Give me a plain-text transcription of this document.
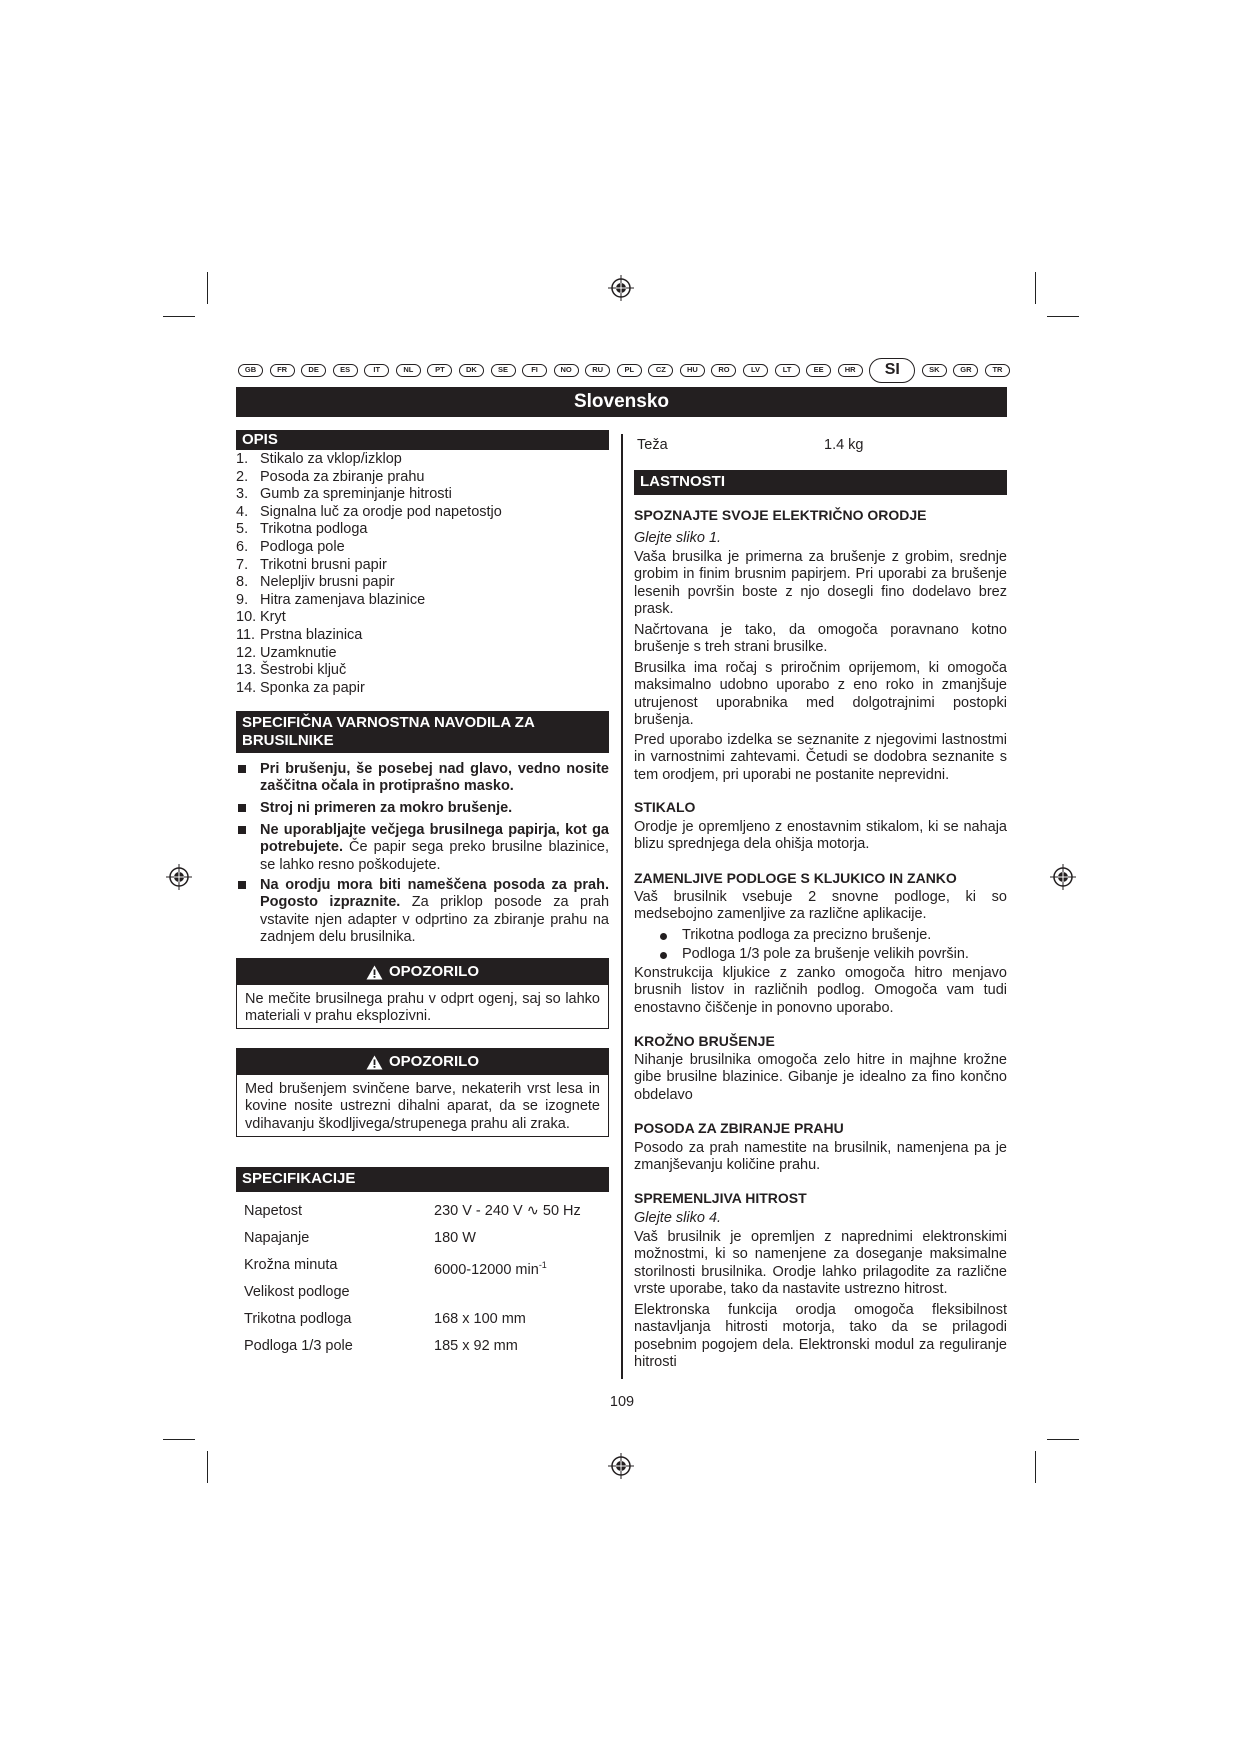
GB	FR	DE	ES	IT	NL	PT	DK	SE	FI	NO	RU	PL	CZ	HU	RO	LV	LT	EE	HR	SI	SK	GR	TR
Slovensko
OPIS
1. Stikalo za vklop/izklop
2. Posoda za zbiranje prahu
3. Gumb za spreminjanje hitrosti
4. Signalna luč za orodje pod napetostjo
5. Trikotna podloga
6. Podloga pole
7. Trikotni brusni papir
8. Nelepljiv brusni papir
9. Hitra zamenjava blazinice
10. Kryt
11. Prstna blazinica
12. Uzamknutie
13. Šestrobi ključ
14. Sponka za papir
SPECIFIČNA VARNOSTNA NAVODILA ZA BRUSILNIKE
Pri brušenju, še posebej nad glavo, vedno nosite zaščitna očala in protiprašno masko.
Stroj ni primeren za mokro brušenje.
Ne uporabljajte večjega brusilnega papirja, kot ga potrebujete. Če papir sega preko brusilne blazinice, se lahko resno poškodujete.
Na orodju mora biti nameščena posoda za prah. Pogosto izpraznite. Za priklop posode za prah vstavite njen adapter v odprtino za zbiranje prahu na zadnjem delu brusilnika.
OPOZORILO
Ne mečite brusilnega prahu v odprt ogenj, saj so lahko materiali v prahu eksplozivni.
OPOZORILO
Med brušenjem svinčene barve, nekaterih vrst lesa in kovine nosite ustrezni dihalni aparat, da se izognete vdihavanju škodljivega/strupenega prahu ali zraka.
SPECIFIKACIJE
Napetost	230 V - 240 V ∿ 50 Hz
Napajanje	180 W
Krožna minuta	6000-12000 $\min^{-1}$
Velikost podloge
Trikotna podloga	168 x 100 mm
Podloga 1/3 pole	185 x 92 mm
Teža	1.4 kg
LASTNOSTI
SPOZNAJTE SVOJE ELEKTRIČNO ORODJE

Glejte sliko 1.

Vaša brusilka je primerna za brušenje z grobim, srednje grobim in finim brusnim papirjem. Pri uporabi za brušenje lesenih površin boste z njo dosegli fino dodelavo brez prask.

Načrtovana je tako, da omogoča poravnano kotno brušenje s treh strani brusilke.

Brusilka ima ročaj s priročnim oprijemom, ki omogoča maksimalno udobno uporabo z eno roko in zmanjšuje utrujenost uporabnika med dolgotrajnimi postopki brušenja.

Pred uporabo izdelka se seznanite z njegovimi lastnostmi in varnostnimi zahtevami. Četudi se dodobra seznanite s tem orodjem, pri uporabi ne postanite neprevidni.

STIKALO

Orodje je opremljeno z enostavnim stikalom, ki se nahaja blizu sprednjega dela ohišja motorja.

ZAMENLJIVE PODLOGE S KLJUKICO IN ZANKO

Vaš brusilnik vsebuje 2 snovne podloge, ki so medsebojno zamenljive za različne aplikacije.

Trikotna podloga za precizno brušenje.
Podloga 1/3 pole za brušenje velikih površin.

Konstrukcija kljukice z zanko omogoča hitro menjavo brusnih listov in različnih podlog. Omogoča vam tudi enostavno čiščenje in ponovno uporabo.

KROŽNO BRUŠENJE

Nihanje brusilnika omogoča zelo hitre in majhne krožne gibe brusilne blazinice. Gibanje je idealno za fino končno obdelavo

POSODA ZA ZBIRANJE PRAHU

Posodo za prah namestite na brusilnik, namenjena pa je zmanjševanju količine prahu.

SPREMENLJIVA HITROST

Glejte sliko 4.

Vaš brusilnik je opremljen z naprednimi elektronskimi možnostmi, ki so namenjene za doseganje maksimalne storilnosti brusilnika. Orodje lahko prilagodite za različne vrste uporabe, tako da nastavite ustrezno hitrost.

Elektronska funkcija orodja omogoča fleksibilnost nastavljanja hitrosti motorja, tako da se prilagodi posebnim pogojem dela. Elektronski modul za reguliranje hitrosti

109
